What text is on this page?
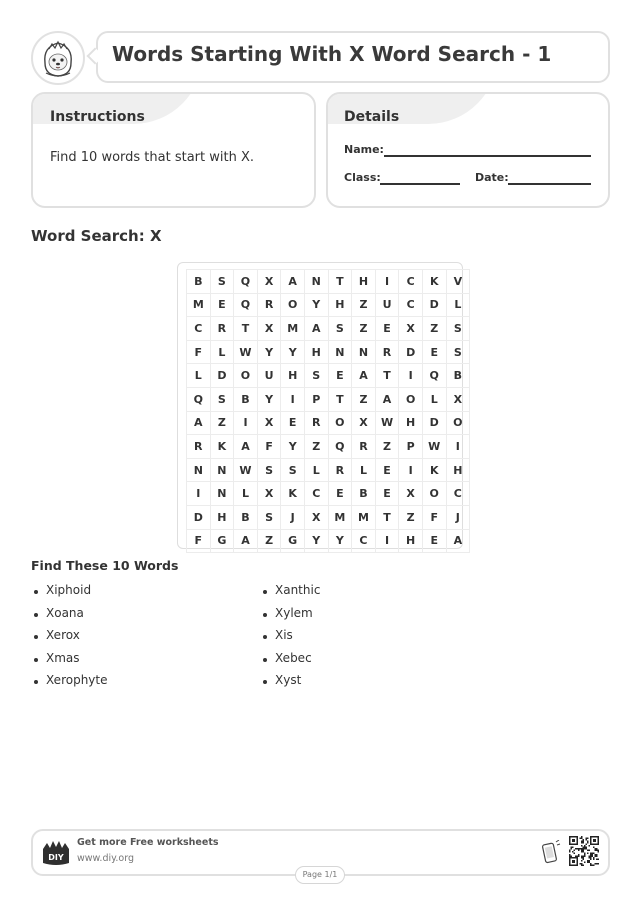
Words Starting With X Word Search - 1
Instructions
Find 10 words that start with X.
Details
Name:
Class:	Date:
Word Search: X
B	S	Q	X	A	N	T	H	I	C	K	V
M	E	Q	R	O	Y	H	Z	U	C	D	L
C	R	T	X	M	A	S	Z	E	X	Z	S
F	L	W	Y	Y	H	N	N	R	D	E	S
L	D	O	U	H	S	E	A	T	I	Q	B
Q	S	B	Y	I	P	T	Z	A	O	L	X
A	Z	I	X	E	R	O	X	W	H	D	O
R	K	A	F	Y	Z	Q	R	Z	P	W	I
N	N	W	S	S	L	R	L	E	I	K	H
I	N	L	X	K	C	E	B	E	X	O	C
D	H	B	S	J	X	M	M	T	Z	F	J
F	G	A	Z	G	Y	Y	C	I	H	E	A
Find These 10 Words
Xiphoid
Xoana
Xerox
Xmas
Xerophyte
Xanthic
Xylem
Xis
Xebec
Xyst
DIY
Get more Free worksheets
www.diy.org
Page 1/1
